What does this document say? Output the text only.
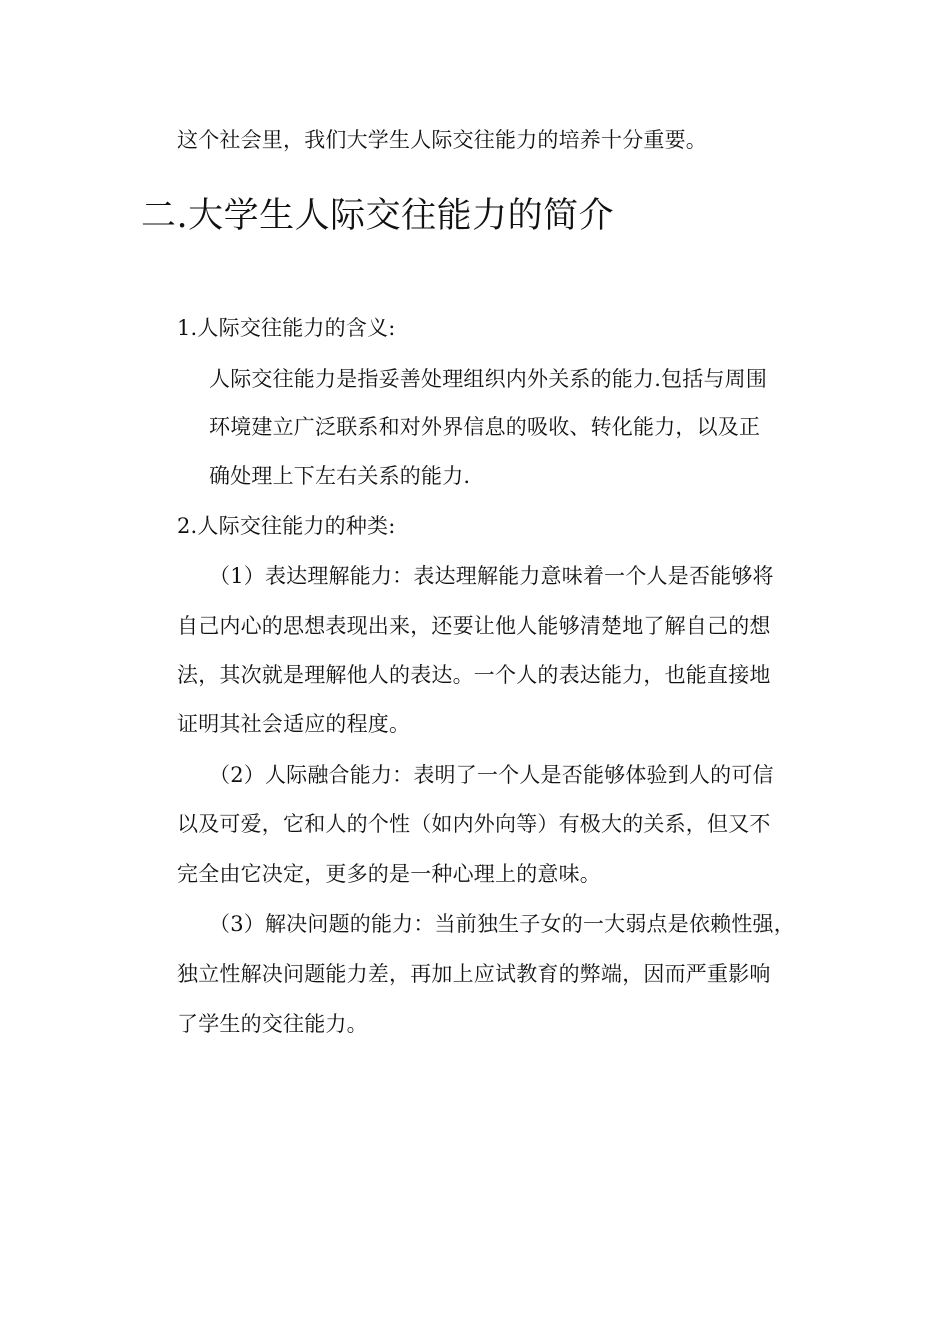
这个社会里，我们大学生人际交往能力的培养十分重要。
二.大学生人际交往能力的简介
1.人际交往能力的含义:
人际交往能力是指妥善处理组织内外关系的能力.包括与周围
环境建立广泛联系和对外界信息的吸收、转化能力，以及正
确处理上下左右关系的能力.
2.人际交往能力的种类:
（1）表达理解能力：表达理解能力意味着一个人是否能够将
自己内心的思想表现出来，还要让他人能够清楚地了解自己的想
法，其次就是理解他人的表达。一个人的表达能力，也能直接地
证明其社会适应的程度。
（2）人际融合能力：表明了一个人是否能够体验到人的可信
以及可爱，它和人的个性（如内外向等）有极大的关系，但又不
完全由它决定，更多的是一种心理上的意味。
（3）解决问题的能力：当前独生子女的一大弱点是依赖性强，
独立性解决问题能力差，再加上应试教育的弊端，因而严重影响
了学生的交往能力。
